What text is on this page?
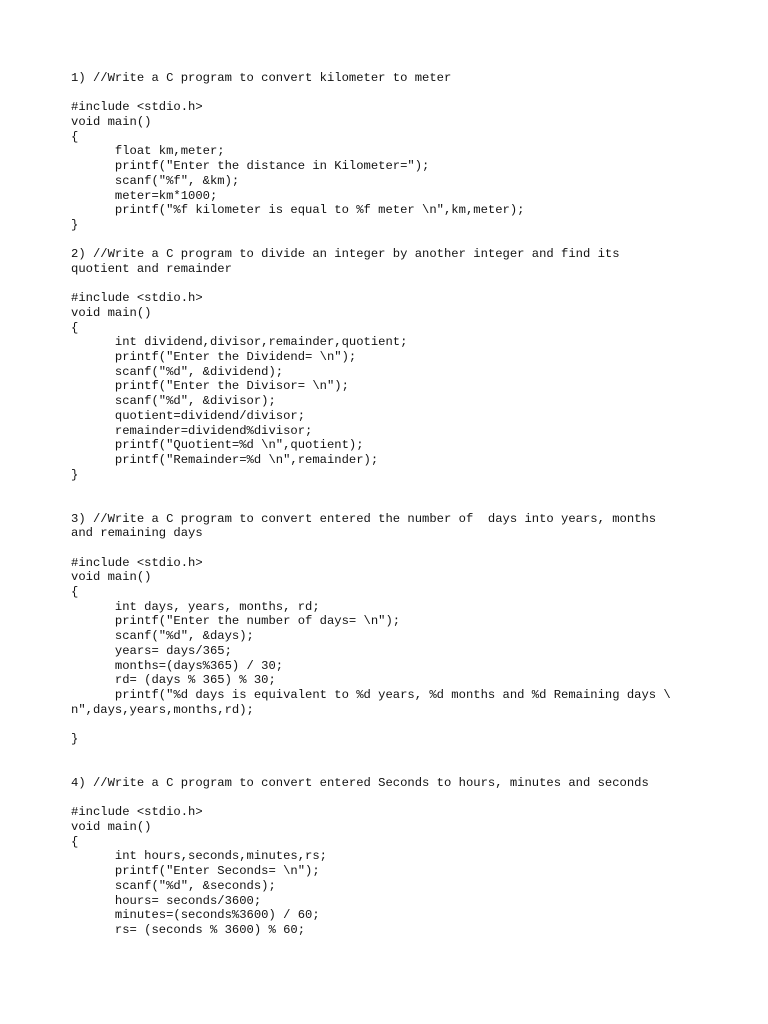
1) //Write a C program to convert kilometer to meter
#include <stdio.h>
void main()
{
float km,meter;
printf("Enter the distance in Kilometer=");
scanf("%f", &km);
meter=km*1000;
printf("%f kilometer is equal to %f meter \n",km,meter);
}
2) //Write a C program to divide an integer by another integer and find its
quotient and remainder
#include <stdio.h>
void main()
{
int dividend,divisor,remainder,quotient;
printf("Enter the Dividend= \n");
scanf("%d", &dividend);
printf("Enter the Divisor= \n");
scanf("%d", &divisor);
quotient=dividend/divisor;
remainder=dividend%divisor;
printf("Quotient=%d \n",quotient);
printf("Remainder=%d \n",remainder);
}
3) //Write a C program to convert entered the number of  days into years, months
and remaining days
#include <stdio.h>
void main()
{
int days, years, months, rd;
printf("Enter the number of days= \n");
scanf("%d", &days);
years= days/365;
months=(days%365) / 30;
rd= (days % 365) % 30;
printf("%d days is equivalent to %d years, %d months and %d Remaining days \
n",days,years,months,rd);
}
4) //Write a C program to convert entered Seconds to hours, minutes and seconds
#include <stdio.h>
void main()
{
int hours,seconds,minutes,rs;
printf("Enter Seconds= \n");
scanf("%d", &seconds);
hours= seconds/3600;
minutes=(seconds%3600) / 60;
rs= (seconds % 3600) % 60;
